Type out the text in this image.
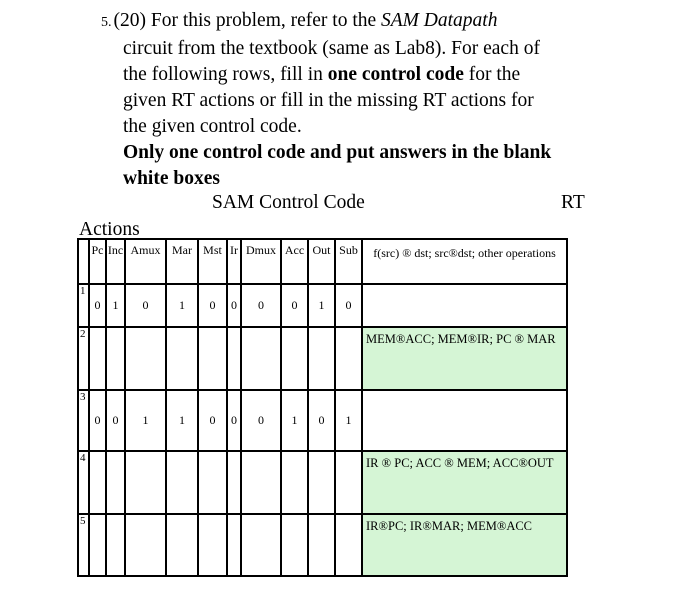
5. (20) For this problem, refer to the SAM Datapath
circuit from the textbook (same as Lab8). For each of
the following rows, fill in one control code for the
given RT actions or fill in the missing RT actions for
the given control code.
Only one control code and put answers in the blank
white boxes
SAM Control Code	RT
Actions
	Pc	Inc	Amux	Mar	Mst	Ir	Dmux	Acc	Out	Sub	f(src) ® dst; src®dst; other operations
1	0	1	0	1	0	0	0	0	1	0	
2											MEM®ACC; MEM®IR; PC ® MAR
3	0	0	1	1	0	0	0	1	0	1	
4											IR ® PC; ACC ® MEM; ACC®OUT
5											IR®PC; IR®MAR; MEM®ACC
